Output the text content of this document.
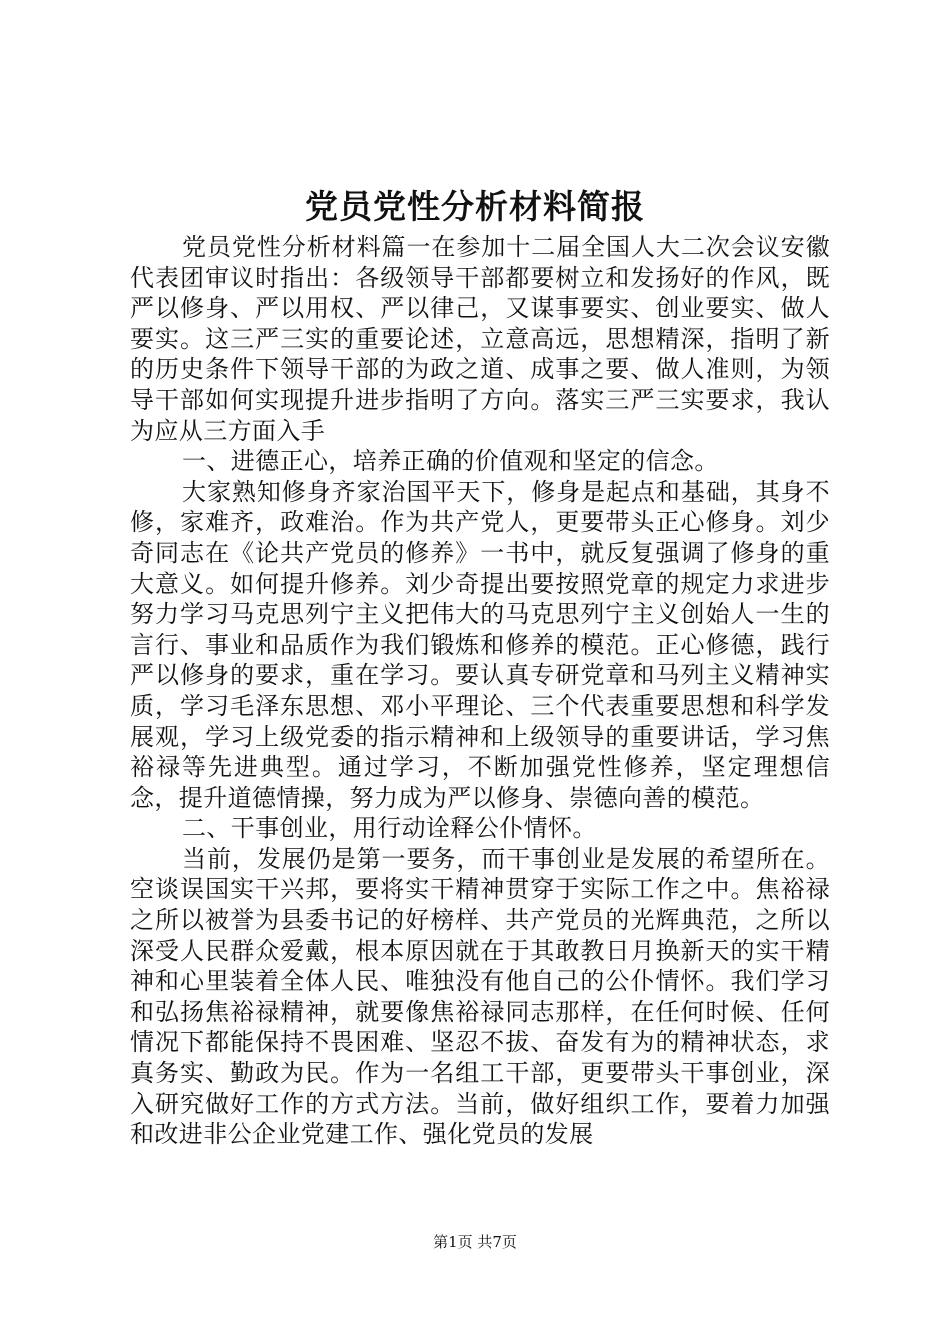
党员党性分析材料简报

党员党性分析材料篇一在参加十二届全国人大二次会议安徽代表团审议时指出：各级领导干部都要树立和发扬好的作风，既严以修身、严以用权、严以律己，又谋事要实、创业要实、做人要实。这三严三实的重要论述，立意高远，思想精深，指明了新的历史条件下领导干部的为政之道、成事之要、做人准则，为领导干部如何实现提升进步指明了方向。落实三严三实要求，我认为应从三方面入手

一、进德正心，培养正确的价值观和坚定的信念。

大家熟知修身齐家治国平天下，修身是起点和基础，其身不修，家难齐，政难治。作为共产党人，更要带头正心修身。刘少奇同志在《论共产党员的修养》一书中，就反复强调了修身的重大意义。如何提升修养。刘少奇提出要按照党章的规定力求进步努力学习马克思列宁主义把伟大的马克思列宁主义创始人一生的言行、事业和品质作为我们锻炼和修养的模范。正心修德，践行严以修身的要求，重在学习。要认真专研党章和马列主义精神实质，学习毛泽东思想、邓小平理论、三个代表重要思想和科学发展观，学习上级党委的指示精神和上级领导的重要讲话，学习焦裕禄等先进典型。通过学习，不断加强党性修养，坚定理想信念，提升道德情操，努力成为严以修身、崇德向善的模范。

二、干事创业，用行动诠释公仆情怀。

当前，发展仍是第一要务，而干事创业是发展的希望所在。空谈误国实干兴邦，要将实干精神贯穿于实际工作之中。焦裕禄之所以被誉为县委书记的好榜样、共产党员的光辉典范，之所以深受人民群众爱戴，根本原因就在于其敢教日月换新天的实干精神和心里装着全体人民、唯独没有他自己的公仆情怀。我们学习和弘扬焦裕禄精神，就要像焦裕禄同志那样，在任何时候、任何情况下都能保持不畏困难、坚忍不拔、奋发有为的精神状态，求真务实、勤政为民。作为一名组工干部，更要带头干事创业，深入研究做好工作的方式方法。当前，做好组织工作，要着力加强和改进非公企业党建工作、强化党员的发展

第1页 共7页
